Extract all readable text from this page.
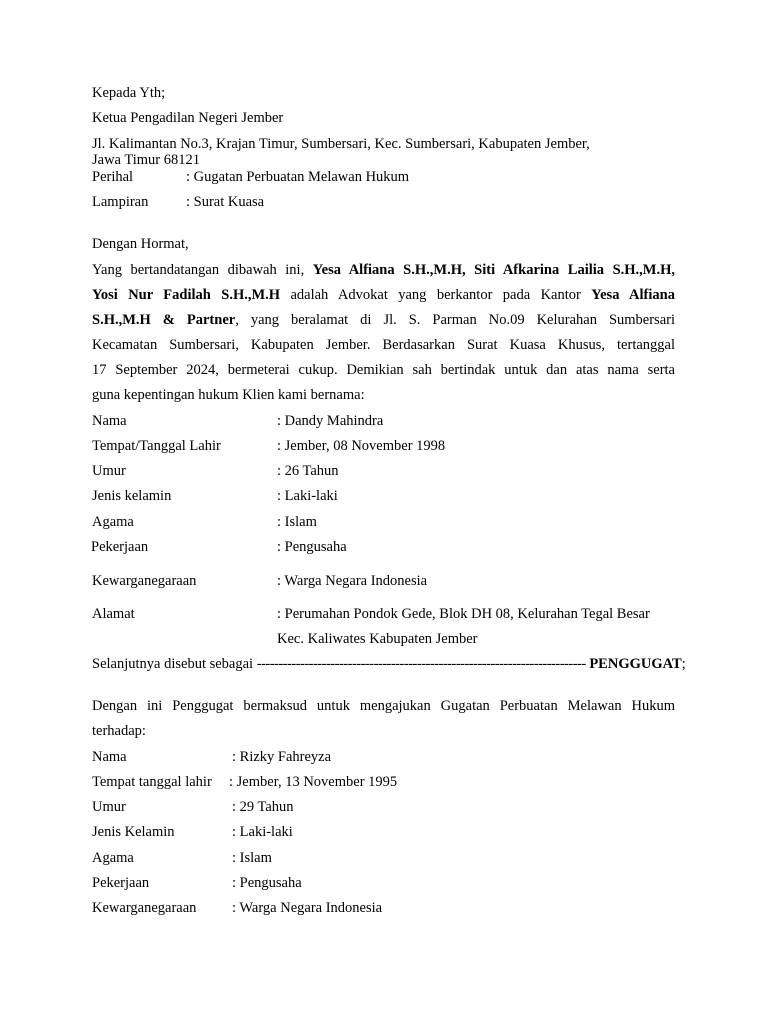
Kepada Yth;
Ketua Pengadilan Negeri Jember
Jl. Kalimantan No.3, Krajan Timur, Sumbersari, Kec. Sumbersari, Kabupaten Jember,
Jawa Timur 68121
Perihal	: Gugatan Perbuatan Melawan Hukum
Lampiran	: Surat Kuasa
Dengan Hormat,
Yang bertandatangan dibawah ini, Yesa Alfiana S.H.,M.H, Siti Afkarina Lailia S.H.,M.H,
Yosi Nur Fadilah S.H.,M.H adalah Advokat yang berkantor pada Kantor Yesa Alfiana
S.H.,M.H & Partner, yang beralamat di Jl. S. Parman No.09 Kelurahan Sumbersari
Kecamatan Sumbersari, Kabupaten Jember. Berdasarkan Surat Kuasa Khusus, tertanggal
17 September 2024, bermeterai cukup. Demikian sah bertindak untuk dan atas nama serta
guna kepentingan hukum Klien kami bernama:
Nama	: Dandy Mahindra
Tempat/Tanggal Lahir	: Jember, 08 November 1998
Umur	: 26 Tahun
Jenis kelamin	: Laki-laki
Agama	: Islam
Pekerjaan	: Pengusaha
Kewarganegaraan	: Warga Negara Indonesia
Alamat	: Perumahan Pondok Gede, Blok DH 08, Kelurahan Tegal Besar
Kec. Kaliwates Kabupaten Jember
Selanjutnya disebut sebagai ---------------------------------------------------------------------------- PENGGUGAT;
Dengan ini Penggugat bermaksud untuk mengajukan Gugatan Perbuatan Melawan Hukum
terhadap:
Nama	: Rizky Fahreyza
Tempat tanggal lahir : Jember, 13 November 1995
Umur	: 29 Tahun
Jenis Kelamin	: Laki-laki
Agama	: Islam
Pekerjaan	: Pengusaha
Kewarganegaraan : Warga Negara Indonesia
